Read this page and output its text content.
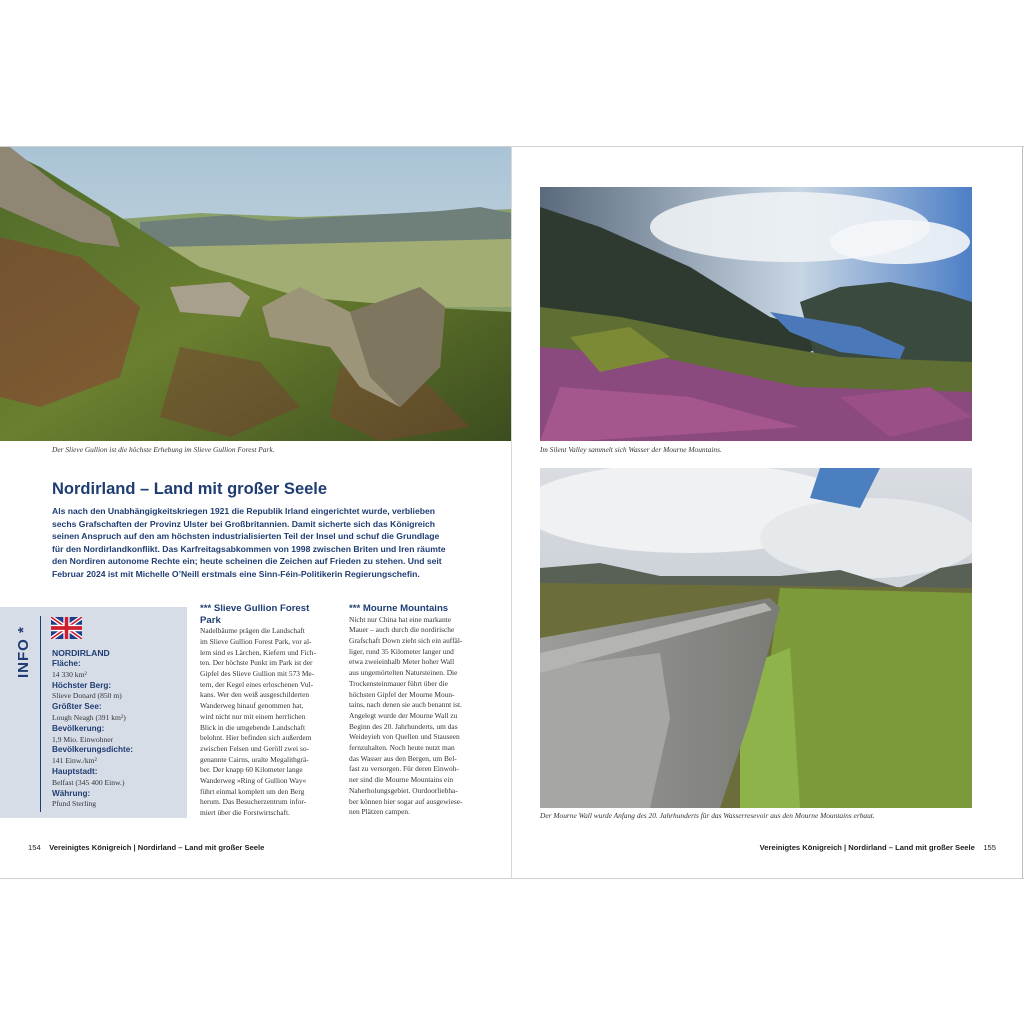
Der Slieve Gullion ist die höchste Erhebung im Slieve Gullion Forest Park.	Im Silent Valley sammelt sich Wasser der Mourne Mountains.
Der Mourne Wall wurde Anfang des 20. Jahrhunderts für das Wasserresevoir aus den Mourne Mountains erbaut.
Nordirland – Land mit großer Seele
Als nach den Unabhängigkeitskriegen 1921 die Republik Irland eingerichtet wurde, verblieben
sechs Grafschaften der Provinz Ulster bei Großbritannien. Damit sicherte sich das Königreich
seinen Anspruch auf den am höchsten industrialisierten Teil der Insel und schuf die Grundlage
für den Nordirlandkonflikt. Das Karfreitagsabkommen von 1998 zwischen Briten und Iren räumte
den Nordiren autonome Rechte ein; heute scheinen die Zeichen auf Frieden zu stehen. Und seit
Februar 2024 ist mit Michelle O’Neill erstmals eine Sinn-Féin-Politikerin Regierungschefin.
INFO *
NORDIRLAND
Fläche:
14 330 km²
Höchster Berg:
Slieve Donard (850 m)
Größter See:
Lough Neagh (391 km²)
Bevölkerung:
1,9 Mio. Einwohner
Bevölkerungsdichte:
141 Einw./km²
Hauptstadt:
Belfast (345 400 Einw.)
Währung:
Pfund Sterling
*** Slieve Gullion Forest
Park
Nadelbäume prägen die Landschaft
im Slieve Gullion Forest Park, vor al-
lem sind es Lärchen, Kiefern und Fich-
ten. Der höchste Punkt im Park ist der
Gipfel des Slieve Gullion mit 573 Me-
tern, der Kegel eines erloschenen Vul-
kans. Wer den weiß ausgeschilderten
Wanderweg hinauf genommen hat,
wird nicht nur mit einem herrlichen
Blick in die umgebende Landschaft
belohnt. Hier befinden sich außerdem
zwischen Felsen und Geröll zwei so-
genannte Cairns, uralte Megalithgrä-
ber. Der knapp 60 Kilometer lange
Wanderweg »Ring of Gullion Way«
führt einmal komplett um den Berg
herum. Das Besucherzentrum infor-
miert über die Forstwirtschaft.
*** Mourne Mountains
Nicht nur China hat eine markante
Mauer – auch durch die nordirische
Grafschaft Down zieht sich ein auffäl-
liger, rund 35 Kilometer langer und
etwa zweieinhalb Meter hoher Wall
aus ungemörtelten Natursteinen. Die
Trockensteinmauer führt über die
höchsten Gipfel der Mourne Moun-
tains, nach denen sie auch benannt ist.
Angelegt wurde der Mourne Wall zu
Beginn des 20. Jahrhunderts, um das
Weideyieh von Quellen und Stauseen
fernzuhalten. Noch heute nutzt man
das Wasser aus den Bergen, um Bel-
fast zu versorgen. Für deren Einwoh-
ner sind die Mourne Mountains ein
Naherholungsgebiet. Ourdoorliebha-
ber können hier sogar auf ausgewiese-
nen Plätzen campen.
154 Vereinigtes Königreich | Nordirland – Land mit großer Seele	Vereinigtes Königreich | Nordirland – Land mit großer Seele 155
